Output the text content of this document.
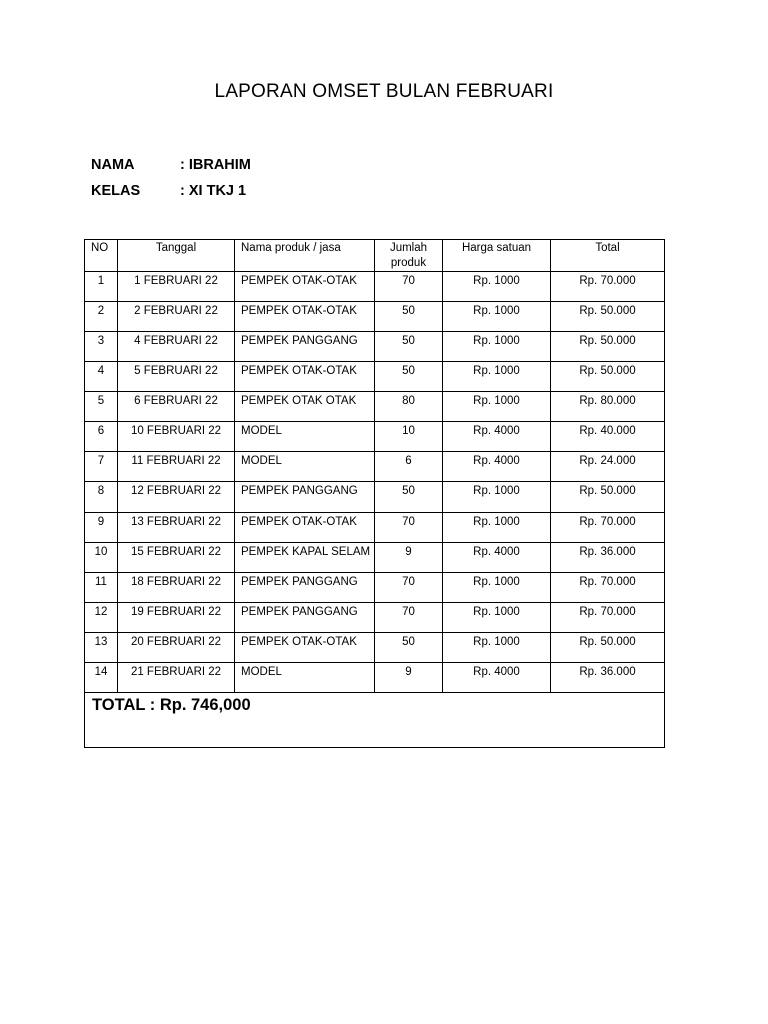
LAPORAN OMSET BULAN FEBRUARI
NAMA	: IBRAHIM
KELAS	: XI TKJ 1
NO	Tanggal	Nama produk / jasa	Jumlah produk	Harga satuan	Total
1	1 FEBRUARI 22	PEMPEK OTAK-OTAK	70	Rp. 1000	Rp. 70.000
2	2 FEBRUARI 22	PEMPEK OTAK-OTAK	50	Rp. 1000	Rp. 50.000
3	4 FEBRUARI 22	PEMPEK PANGGANG	50	Rp. 1000	Rp. 50.000
4	5 FEBRUARI 22	PEMPEK OTAK-OTAK	50	Rp. 1000	Rp. 50.000
5	6 FEBRUARI 22	PEMPEK OTAK OTAK	80	Rp. 1000	Rp. 80.000
6	10 FEBRUARI 22	MODEL	10	Rp. 4000	Rp. 40.000
7	11 FEBRUARI 22	MODEL	6	Rp. 4000	Rp. 24.000
8	12 FEBRUARI 22	PEMPEK PANGGANG	50	Rp. 1000	Rp. 50.000
9	13 FEBRUARI 22	PEMPEK OTAK-OTAK	70	Rp. 1000	Rp. 70.000
10	15 FEBRUARI 22	PEMPEK KAPAL SELAM	9	Rp. 4000	Rp. 36.000
11	18 FEBRUARI 22	PEMPEK PANGGANG	70	Rp. 1000	Rp. 70.000
12	19 FEBRUARI 22	PEMPEK PANGGANG	70	Rp. 1000	Rp. 70.000
13	20 FEBRUARI 22	PEMPEK OTAK-OTAK	50	Rp. 1000	Rp. 50.000
14	21 FEBRUARI 22	MODEL	9	Rp. 4000	Rp. 36.000
TOTAL : Rp. 746,000					
